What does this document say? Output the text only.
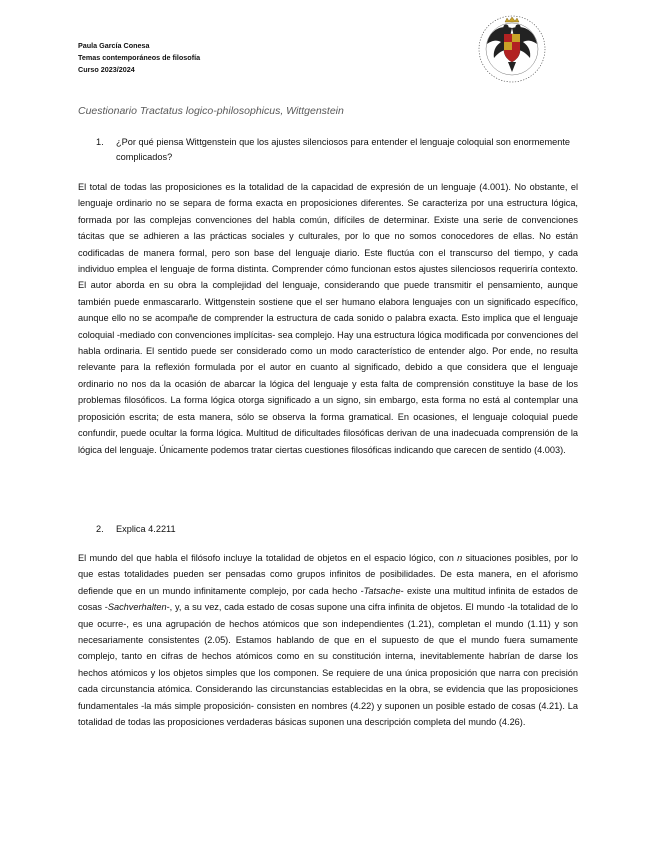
Paula García Conesa
Temas contemporáneos de filosofía
Curso 2023/2024
Cuestionario Tractatus logico-philosophicus, Wittgenstein
1. ¿Por qué piensa Wittgenstein que los ajustes silenciosos para entender el lenguaje coloquial son enormemente complicados?
El total de todas las proposiciones es la totalidad de la capacidad de expresión de un lenguaje (4.001). No obstante, el lenguaje ordinario no se separa de forma exacta en proposiciones diferentes. Se caracteriza por una estructura lógica, formada por las complejas convenciones del habla común, difíciles de determinar. Existe una serie de convenciones tácitas que se adhieren a las prácticas sociales y culturales, por lo que no somos conocedores de ellas. No están codificadas de manera formal, pero son base del lenguaje diario. Este fluctúa con el transcurso del tiempo, y cada individuo emplea el lenguaje de forma distinta. Comprender cómo funcionan estos ajustes silenciosos requeriría contexto. El autor aborda en su obra la complejidad del lenguaje, considerando que puede transmitir el pensamiento, aunque también puede enmascararlo. Wittgenstein sostiene que el ser humano elabora lenguajes con un significado específico, aunque ello no se acompañe de comprender la estructura de cada sonido o palabra exacta. Esto implica que el lenguaje coloquial -mediado con convenciones implícitas- sea complejo. Hay una estructura lógica modificada por convenciones del habla ordinaria. El sentido puede ser considerado como un modo característico de entender algo. Por ende, no resulta relevante para la reflexión formulada por el autor en cuanto al significado, debido a que considera que el lenguaje ordinario no nos da la ocasión de abarcar la lógica del lenguaje y esta falta de comprensión constituye la base de los problemas filosóficos. La forma lógica otorga significado a un signo, sin embargo, esta forma no está al contemplar una proposición escrita; de esta manera, sólo se observa la forma gramatical. En ocasiones, el lenguaje coloquial puede confundir, puede ocultar la forma lógica. Multitud de dificultades filosóficas derivan de una inadecuada comprensión de la lógica del lenguaje. Únicamente podemos tratar ciertas cuestiones filosóficas indicando que carecen de sentido (4.003).
2. Explica 4.2211
El mundo del que habla el filósofo incluye la totalidad de objetos en el espacio lógico, con n situaciones posibles, por lo que estas totalidades pueden ser pensadas como grupos infinitos de posibilidades. De esta manera, en el aforismo defiende que en un mundo infinitamente complejo, por cada hecho -Tatsache- existe una multitud infinita de estados de cosas -Sachverhalten-, y, a su vez, cada estado de cosas supone una cifra infinita de objetos. El mundo -la totalidad de lo que ocurre-, es una agrupación de hechos atómicos que son independientes (1.21), completan el mundo (1.11) y son necesariamente consistentes (2.05). Estamos hablando de que en el supuesto de que el mundo fuera sumamente complejo, tanto en cifras de hechos atómicos como en su constitución interna, inevitablemente habrían de darse los hechos atómicos y los objetos simples que los componen. Se requiere de una única proposición que narra con precisión cada circunstancia atómica. Considerando las circunstancias establecidas en la obra, se evidencia que las proposiciones fundamentales -la más simple proposición- consisten en nombres (4.22) y suponen un posible estado de cosas (4.21). La totalidad de todas las proposiciones verdaderas básicas suponen una descripción completa del mundo (4.26).
